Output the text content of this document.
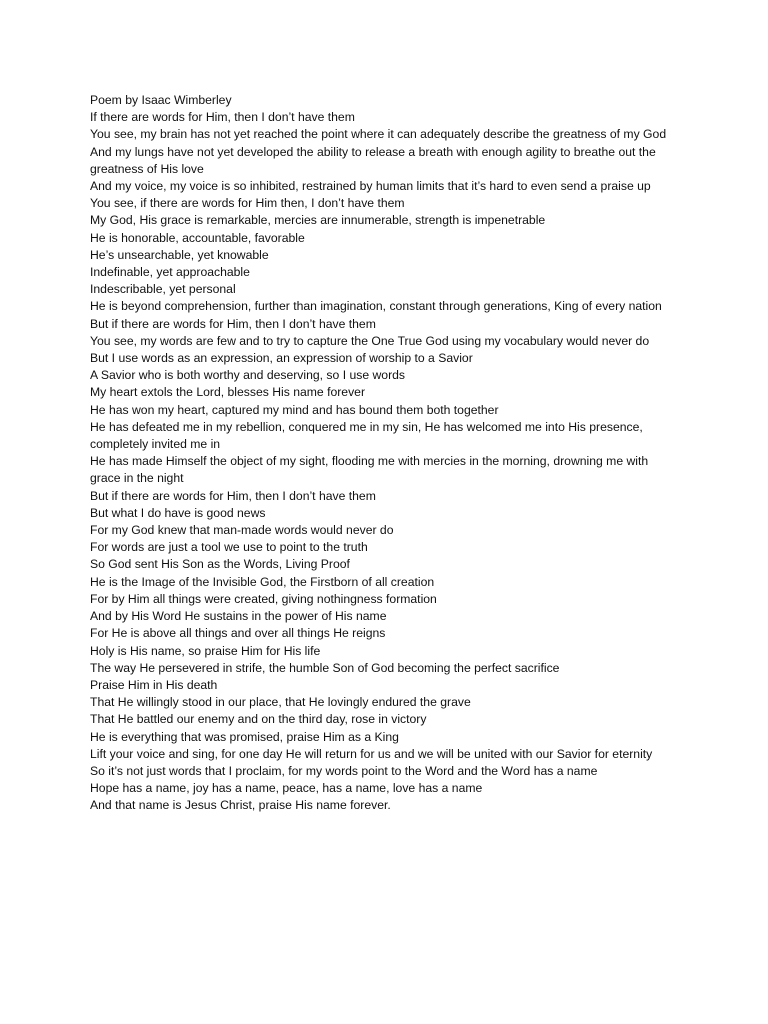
Poem by Isaac Wimberley
If there are words for Him, then I don’t have them
You see, my brain has not yet reached the point where it can adequately describe the greatness of my God
And my lungs have not yet developed the ability to release a breath with enough agility to breathe out the greatness of His love
And my voice, my voice is so inhibited, restrained by human limits that it’s hard to even send a praise up
You see, if there are words for Him then, I don’t have them
My God, His grace is remarkable, mercies are innumerable, strength is impenetrable
He is honorable, accountable, favorable
He’s unsearchable, yet knowable
Indefinable, yet approachable
Indescribable, yet personal
He is beyond comprehension, further than imagination, constant through generations, King of every nation
But if there are words for Him, then I don’t have them
You see, my words are few and to try to capture the One True God using my vocabulary would never do
But I use words as an expression, an expression of worship to a Savior
A Savior who is both worthy and deserving, so I use words
My heart extols the Lord, blesses His name forever
He has won my heart, captured my mind and has bound them both together
He has defeated me in my rebellion, conquered me in my sin, He has welcomed me into His presence, completely invited me in
He has made Himself the object of my sight, flooding me with mercies in the morning, drowning me with grace in the night
But if there are words for Him, then I don’t have them
But what I do have is good news
For my God knew that man-made words would never do
For words are just a tool we use to point to the truth
So God sent His Son as the Words, Living Proof
He is the Image of the Invisible God, the Firstborn of all creation
For by Him all things were created, giving nothingness formation
And by His Word He sustains in the power of His name
For He is above all things and over all things He reigns
Holy is His name, so praise Him for His life
The way He persevered in strife, the humble Son of God becoming the perfect sacrifice
Praise Him in His death
That He willingly stood in our place, that He lovingly endured the grave
That He battled our enemy and on the third day, rose in victory
He is everything that was promised, praise Him as a King
Lift your voice and sing, for one day He will return for us and we will be united with our Savior for eternity
So it’s not just words that I proclaim, for my words point to the Word and the Word has a name
Hope has a name, joy has a name, peace, has a name, love has a name
And that name is Jesus Christ, praise His name forever.
